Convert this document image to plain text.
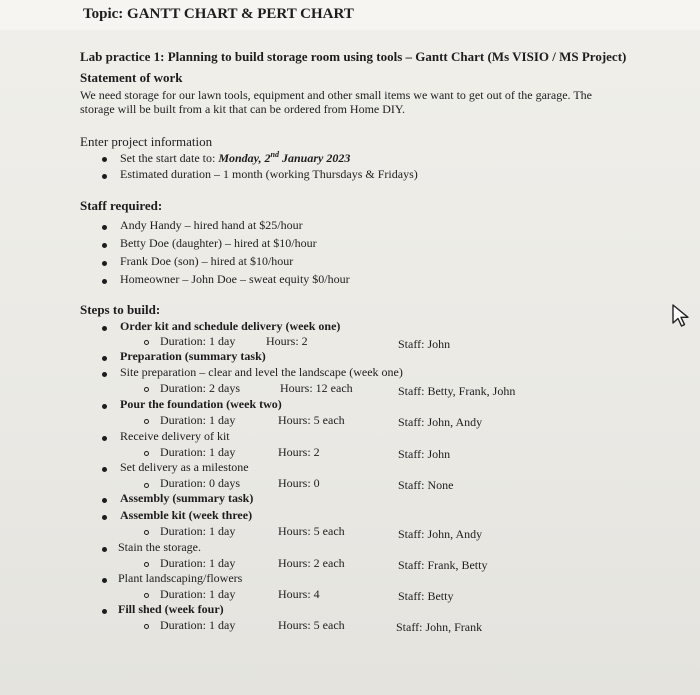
Topic: GANTT CHART & PERT CHART
Lab practice 1: Planning to build storage room using tools – Gantt Chart (Ms VISIO / MS Project)
Statement of work
We need storage for our lawn tools, equipment and other small items we want to get out of the garage. The
storage will be built from a kit that can be ordered from Home DIY.
Enter project information
Set the start date to: Monday, 2nd January 2023
Estimated duration – 1 month (working Thursdays & Fridays)
Staff required:
Andy Handy – hired hand at $25/hour
Betty Doe (daughter) – hired at $10/hour
Frank Doe (son) – hired at $10/hour
Homeowner – John Doe – sweat equity $0/hour
Steps to build:
Order kit and schedule delivery (week one)
Duration: 1 day	Hours: 2	Staff: John
Preparation (summary task)
Site preparation – clear and level the landscape (week one)
Duration: 2 days	Hours: 12 each	Staff: Betty, Frank, John
Pour the foundation (week two)
Duration: 1 day	Hours: 5 each	Staff: John, Andy
Receive delivery of kit
Duration: 1 day	Hours: 2	Staff: John
Set delivery as a milestone
Duration: 0 days	Hours: 0	Staff: None
Assembly (summary task)
Assemble kit (week three)
Duration: 1 day	Hours: 5 each	Staff: John, Andy
Stain the storage.
Duration: 1 day	Hours: 2 each	Staff: Frank, Betty
Plant landscaping/flowers
Duration: 1 day	Hours: 4	Staff: Betty
Fill shed (week four)
Duration: 1 day	Hours: 5 each	Staff: John, Frank
